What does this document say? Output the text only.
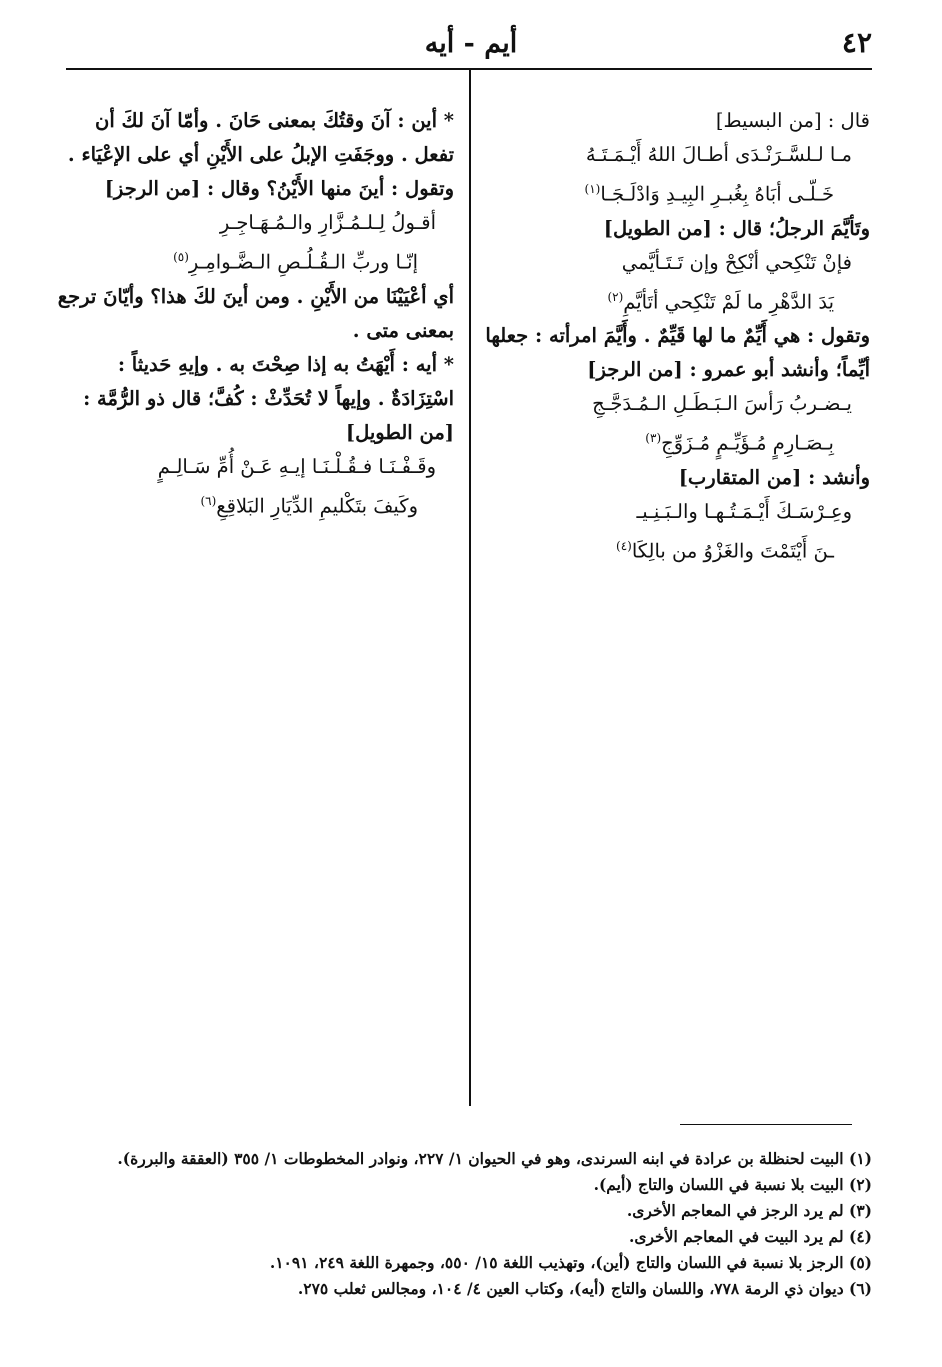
٤٢
أيم - أيه
قال : [من البسيط]
مـا لـلسَّـرَنْـدَى أطـالَ اللهُ أَيْـمَـتَـهُ
خَـلّـى أبَاهُ بِغُبـرِ البِيـدِ وَادْلَـجَـا$^{(١)}$
وتَأيَّمَ الرجلُ؛ قال : [من الطويل]
فإنْ تَنْكِحي أنْكِحْ وإن تَـتَـأيَّمي
يَدَ الدَّهْرِ ما لَمْ تَنْكِحي أتَأيَّمِ$^{(٢)}$
وتقول : هي أَيِّمٌ ما لها قَيِّمٌ . وأَيَّمَ امرأته : جعلها
أيِّماً؛ وأنشد أبو عمرو : [من الرجز]
يـضـربُ رَأسَ الـبَـطَـلِ الـمُـدَجَّـجِ
بِـصَـارِمٍ مُـؤَيِّـمٍ مُـزَوِّجِ$^{(٣)}$
وأنشد : [من المتقارب]
وعِـرْسَـكَ أَيْـمَـتُـهـا والـبَـنِـيـ
ـنَ أَيْتَمْتَ والغَزْوُ من بالِكَا$^{(٤)}$
* أين : آنَ وقتُكَ بمعنى حَانَ . وأمّا آنَ لكَ أن
تفعل . ووجَفَتِ الإبلُ على الأَيْنِ أي على الإعْيَاء .
وتقول : أينَ منها الأَيْنُ؟ وقال : [من الرجز]
أقـولُ لِـلـمُـزَّارِ والـمُـهَـاجِـرِ
إنّـا وربِّ الـقُـلُـصِ الـضَّـوامِـرِ$^{(٥)}$
أي أعْيَيْنَا من الأَيْنِ . ومن أينَ لكَ هذا؟ وأيّانَ ترجع
بمعنى متى .
* أيه : أَيْهَتُ به إذا صِحْتَ به . وإيهِ حَديثاً :
اسْتِزَادَةٌ . وإيهاً لا تُحَدِّثْ : كُفَّ؛ قال ذو الرُّمَّة :
[من الطويل]
وقَـفْـنَـا فـقُـلْـنَـا إيـهِ عَـنْ أُمِّ سَـالِـمٍ
وكَيفَ بتَكْليمِ الدِّيَارِ البَلاقِعِ$^{(٦)}$
(١) البيت لحنظلة بن عرادة في ابنه السرندى، وهو في الحيوان ١/ ٢٢٧، ونوادر المخطوطات ١/ ٣٥٥ (العققة والبررة).
(٢) البيت بلا نسبة في اللسان والتاج (أيم).
(٣) لم يرد الرجز في المعاجم الأخرى.
(٤) لم يرد البيت في المعاجم الأخرى.
(٥) الرجز بلا نسبة في اللسان والتاج (أين)، وتهذيب اللغة ١٥/ ٥٥٠، وجمهرة اللغة ٢٤٩، ١٠٩١.
(٦) ديوان ذي الرمة ٧٧٨، واللسان والتاج (أيه)، وكتاب العين ٤/ ١٠٤، ومجالس ثعلب ٢٧٥.
